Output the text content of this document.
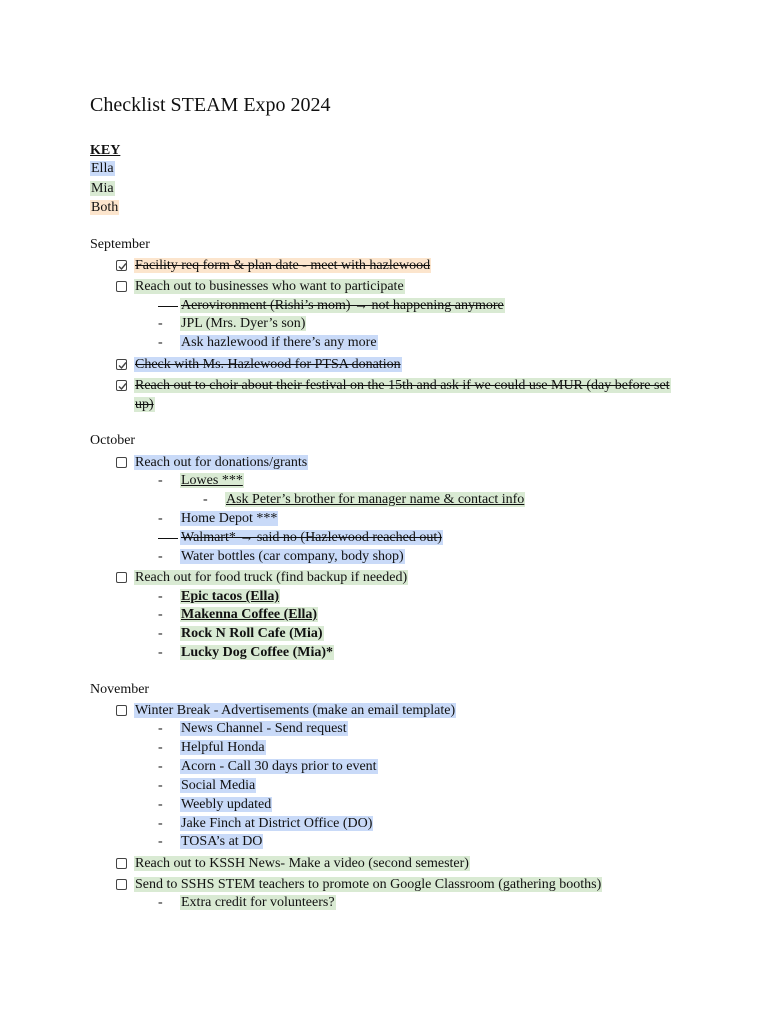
Checklist STEAM Expo 2024
KEY
Ella
Mia
Both
September
Facility req form & plan date - meet with hazlewood
Reach out to businesses who want to participate
Aerovironment (Rishi’s mom) → not happening anymore
- JPL (Mrs. Dyer’s son)
- Ask hazlewood if there’s any more
Check with Ms. Hazlewood for PTSA donation
Reach out to choir about their festival on the 15th and ask if we could use MUR (day before set
up)
October
Reach out for donations/grants
- Lowes ***
- Ask Peter’s brother for manager name & contact info
- Home Depot ***
Walmart* → said no (Hazlewood reached out)
- Water bottles (car company, body shop)
Reach out for food truck (find backup if needed)
- Epic tacos (Ella)
- Makenna Coffee (Ella)
- Rock N Roll Cafe (Mia)
- Lucky Dog Coffee (Mia)*
November
Winter Break - Advertisements (make an email template)
- News Channel - Send request
- Helpful Honda
- Acorn - Call 30 days prior to event
- Social Media
- Weebly updated
- Jake Finch at District Office (DO)
- TOSA’s at DO
Reach out to KSSH News- Make a video (second semester)
Send to SSHS STEM teachers to promote on Google Classroom (gathering booths)
- Extra credit for volunteers?
